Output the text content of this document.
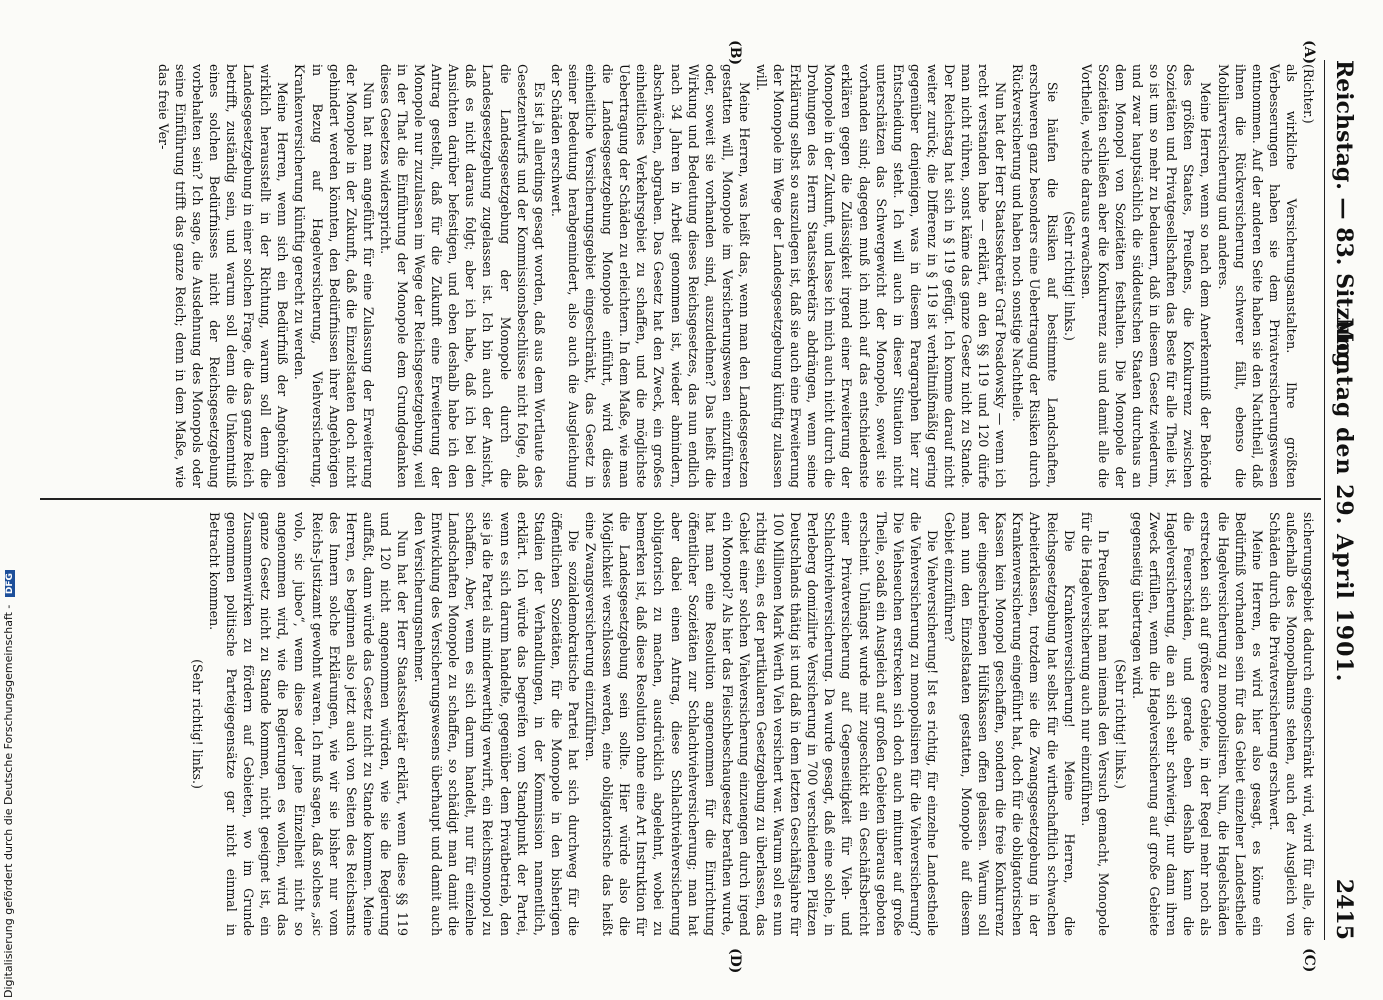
Reichstag. — 83. Sitzung.
Montag den 29. April 1901.
2415
(A)
(B)
(C)
(D)

(Richter.)

als wirkliche Versicherungsanstalten. Ihre größten Verbesserungen haben sie dem Privatversicherungswesen entnommen. Auf der anderen Seite haben sie den Nachtheil, daß ihnen die Rückversicherung schwerer fällt, ebenso die Mobiliarversicherung und anderes.

Meine Herren, wenn so nach dem Anerkenntniß der Behörde des größten Staates, Preußens, die Konkurrenz zwischen Sozietäten und Privatgesellschaften das Beste für alle Theile ist, so ist um so mehr zu bedauern, daß in diesem Gesetz wiederum, und zwar hauptsächlich die süddeutschen Staaten durchaus an dem Monopol von Sozietäten festhalten. Die Monopole der Sozietäten schließen aber die Konkurrenz aus und damit alle die Vortheile, welche daraus erwachsen.

(Sehr richtig! links.)

Sie häufen die Risiken auf bestimmte Landschaften, erschweren ganz besonders eine Uebertragung der Risiken durch Rückversicherung und haben noch sonstige Nachtheile.

Nun hat der Herr Staatssekretär Graf Posadowsky — wenn ich recht verstanden habe — erklärt, an den §§ 119 und 120 dürfe man nicht rühren, sonst käme das ganze Gesetz nicht zu Stande. Der Reichstag hat sich in § 119 gefügt. Ich komme darauf nicht weiter zurück; die Differenz in § 119 ist verhältnißmäßig gering gegenüber denjenigen, was in diesem Paragraphen hier zur Entscheidung steht. Ich will auch in dieser Situation nicht unterschätzen das Schwergewicht der Monopole, soweit sie vorhanden sind; dagegen muß ich mich auf das entschiedenste erklären gegen die Zulässigkeit irgend einer Erweiterung der Monopole in der Zukunft, und lasse ich mich auch nicht durch die Drohungen des Herrn Staatssekretärs abdrängen, wenn seine Erklärung selbst so auszulegen ist, daß sie auch eine Erweiterung der Monopole im Wege der Landesgesetzgebung künftig zulassen will.

Meine Herren, was heißt das, wenn man den Landesgesetzen gestatten will, Monopole im Versicherungswesen einzuführen oder, soweit sie vorhanden sind, auszudehnen? Das heißt die Wirkung und Bedeutung dieses Reichsgesetzes, das nun endlich nach 34 Jahren in Arbeit genommen ist, wieder abmindern, abschwächen, abgraben. Das Gesetz hat den Zweck, ein großes einheitliches Verkehrsgebiet zu schaffen, und die möglichste Uebertragung der Schäden zu erleichtern. In dem Maße, wie man die Landesgesetzgebung Monopole einführt, wird dieses einheitliche Versicherungsgebiet eingeschränkt, das Gesetz in seiner Bedeutung herabgemindert, also auch die Ausgleichung der Schäden erschwert.

Es ist ja allerdings gesagt worden, daß aus dem Wortlaute des Gesetzentwurfs und der Kommissionsbeschlüsse nicht folge, daß die Landesgesetzgebung der Monopole durch die Landesgesetzgebung zugelassen ist. Ich bin auch der Ansicht, daß es nicht daraus folgt; aber ich habe, daß ich bei den Ansichten darüber befestigen, und eben deshalb habe ich den Antrag gestellt, daß für die Zukunft eine Erweiterung der Monopole nur zuzulassen im Wege der Reichsgesetzgebung, weil in der That die Einführung der Monopole dem Grundgedanken dieses Gesetzes widerspricht.

Nun hat man angeführt für eine Zulassung der Erweiterung der Monopole in der Zukunft, daß die Einzelstaaten doch nicht gehindert werden könnten, den Bedürfnissen ihrer Angehörigen in Bezug auf Hagelversicherung, Viehversicherung, Krankenversicherung künftig gerecht zu werden.

Meine Herren, wenn sich ein Bedürfniß der Angehörigen wirklich herausstellt in der Richtung, warum soll denn die Landesgesetzgebung in einer solchen Frage, die das ganze Reich betrifft, zuständig sein, und warum soll denn die Unkenntniß eines solchen Bedürfnisses nicht der Reichsgesetzgebung vorbehalten sein? Ich sage, die Ausdehnung des Monopols oder seine Einführung trifft das ganze Reich; denn in dem Maße, wie das freie Ver-

sicherungsgebiet dadurch eingeschränkt wird, wird für alle, die außerhalb des Monopolbanns stehen, auch der Ausgleich von Schäden durch die Privatversicherung erschwert.

Meine Herren, es wird hier also gesagt, es könne ein Bedürfniß vorhanden sein für das Gebiet einzelner Landestheile die Hagelversicherung zu monopolisiren. Nun, die Hagelschäden erstrecken sich auf größere Gebiete, in der Regel mehr noch als die Feuerschäden, und gerade eben deshalb kann die Hagelversicherung, die an sich sehr schwierig, nur dann ihren Zweck erfüllen, wenn die Hagelversicherung auf große Gebiete gegenseitig übertragen wird.

(Sehr richtig! links.)

In Preußen hat man niemals den Versuch gemacht, Monopole für die Hagelversicherung auch nur einzuführen.

Die Krankenversicherung! Meine Herren, die Reichsgesetzgebung hat selbst für die wirthschaftlich schwachen Arbeiterklassen, trotzdem sie die Zwangsgesetzgebung in der Krankenversicherung eingeführt hat, doch für die obligatorischen Kassen kein Monopol geschaffen, sondern die freie Konkurrenz der eingeschriebenen Hülfskassen offen gelassen. Warum soll man nun den Einzelstaaten gestatten, Monopole auf diesem Gebiet einzuführen?

Die Viehversicherung! Ist es richtig, für einzelne Landestheile die Viehversicherung zu monopolisiren für die Viehversicherung? Die Viehseuchen erstrecken sich doch auch mitunter auf große Theile, sodaß ein Ausgleich auf großen Gebieten überaus geboten erscheint. Unlängst wurde mir zugeschickt ein Geschäftsbericht einer Privatversicherung auf Gegenseitigkeit für Vieh- und Schlachtviehversicherung. Da wurde gesagt, daß eine solche, in Perleberg domizilirte Versicherung in 700 verschiedenen Plätzen Deutschlands thätig ist und daß in dem letzten Geschäftsjahre für 100 Millionen Mark Werth Vieh versichert war. Warum soll es nun richtig sein, es der partikularen Gesetzgebung zu überlassen, das Gebiet einer solchen Viehversicherung einzuengen durch irgend ein Monopol? Als hier das Fleischbeschaugesetz berathen wurde, hat man eine Resolution angenommen für die Einrichtung öffentlicher Sozietäten zur Schlachtviehversicherung; man hat aber dabei einen Antrag, diese Schlachtviehversicherung obligatorisch zu machen, ausdrücklich abgelehnt, wobei zu bemerken ist, daß diese Resolution ohne eine Art Instruktion für die Landesgesetzgebung sein sollte. Hier würde also die Möglichkeit verschlossen werden, eine obligatorische das heißt eine Zwangsversicherung einzuführen.

Die sozialdemokratische Partei hat sich durchweg für die öffentlichen Sozietäten, für die Monopole in den bisherigen Stadien der Verhandlungen, in der Kommission namentlich, erklärt. Ich würde das begreifen vom Standpunkt der Partei, wenn es sich darum handelte, gegenüber dem Privatbetrieb, den sie ja die Partei als minderwerthig verwirft, ein Reichsmonopol zu schaffen. Aber, wenn es sich darum handelt, nur für einzelne Landschaften Monopole zu schaffen, so schädigt man damit die Entwicklung des Versicherungswesens überhaupt und damit auch den Versicherungsnehmer.

Nun hat der Herr Staatssekretär erklärt, wenn diese §§ 119 und 120 nicht angenommen würden, wie sie die Regierung auffaßt, dann würde das Gesetz nicht zu Stande kommen. Meine Herren, es beginnen also jetzt auch von Seiten des Reichsamts des Innern solche Erklärungen, wie wir sie bisher nur vom Reichs-Justizamt gewohnt waren. Ich muß sagen, daß solches „sic volo, sic jubeo“, wenn diese oder jene Einzelheit nicht so angenommen wird, wie die Regierungen es wollen, wird das ganze Gesetz nicht zu Stande kommen, nicht geeignet ist, ein Zusammenwirken zu fördern auf Gebieten, wo im Grunde genommen politische Parteigegensätze gar nicht einmal in Betracht kommen.

(Sehr richtig! links.)

Digitalisierung gefördert durch die Deutsche Forschungsgemeinschaft - DFG
